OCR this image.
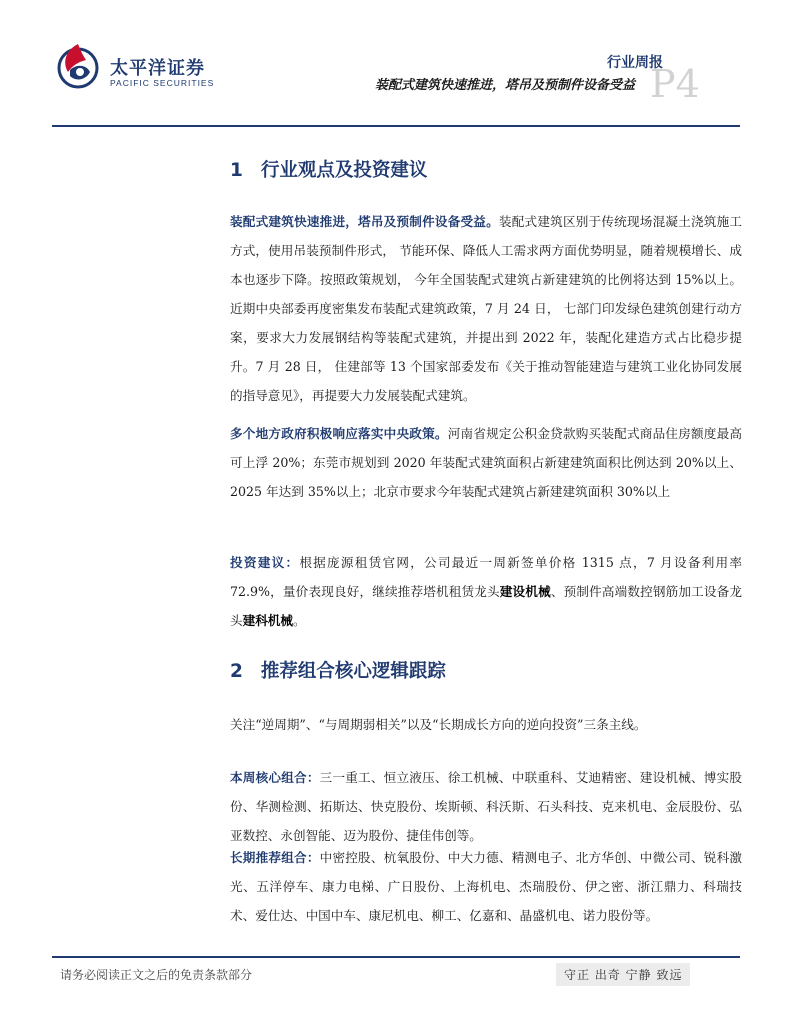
太平洋证券
PACIFIC SECURITIES
行业周报
装配式建筑快速推进，塔吊及预制件设备受益 P4
1 行业观点及投资建议
装配式建筑快速推进，塔吊及预制件设备受益。装配式建筑区别于传统现场混凝土浇筑施工方式，使用吊装预制件形式， 节能环保、降低人工需求两方面优势明显，随着规模增长、成本也逐步下降。按照政策规划， 今年全国装配式建筑占新建建筑的比例将达到 15%以上。近期中央部委再度密集发布装配式建筑政策，7 月 24 日， 七部门印发绿色建筑创建行动方案，要求大力发展钢结构等装配式建筑，并提出到 2022 年，装配化建造方式占比稳步提升。7 月 28 日， 住建部等 13 个国家部委发布《关于推动智能建造与建筑工业化协同发展的指导意见》，再提要大力发展装配式建筑。
多个地方政府积极响应落实中央政策。河南省规定公积金贷款购买装配式商品住房额度最高可上浮 20%；东莞市规划到 2020 年装配式建筑面积占新建建筑面积比例达到 20%以上、2025 年达到 35%以上；北京市要求今年装配式建筑占新建建筑面积 30%以上
投资建议：根据庞源租赁官网，公司最近一周新签单价格 1315 点，7 月设备利用率 72.9%，量价表现良好，继续推荐塔机租赁龙头建设机械、预制件高端数控钢筋加工设备龙头建科机械。
2 推荐组合核心逻辑跟踪
关注“逆周期”、“与周期弱相关”以及“长期成长方向的逆向投资”三条主线。
本周核心组合：三一重工、恒立液压、徐工机械、中联重科、艾迪精密、建设机械、博实股份、华测检测、拓斯达、快克股份、埃斯顿、科沃斯、石头科技、克来机电、金辰股份、弘亚数控、永创智能、迈为股份、捷佳伟创等。
长期推荐组合：中密控股、杭氧股份、中大力德、精测电子、北方华创、中微公司、锐科激光、五洋停车、康力电梯、广日股份、上海机电、杰瑞股份、伊之密、浙江鼎力、科瑞技术、爱仕达、中国中车、康尼机电、柳工、亿嘉和、晶盛机电、诺力股份等。
请务必阅读正文之后的免责条款部分	守正 出奇 宁静 致远
